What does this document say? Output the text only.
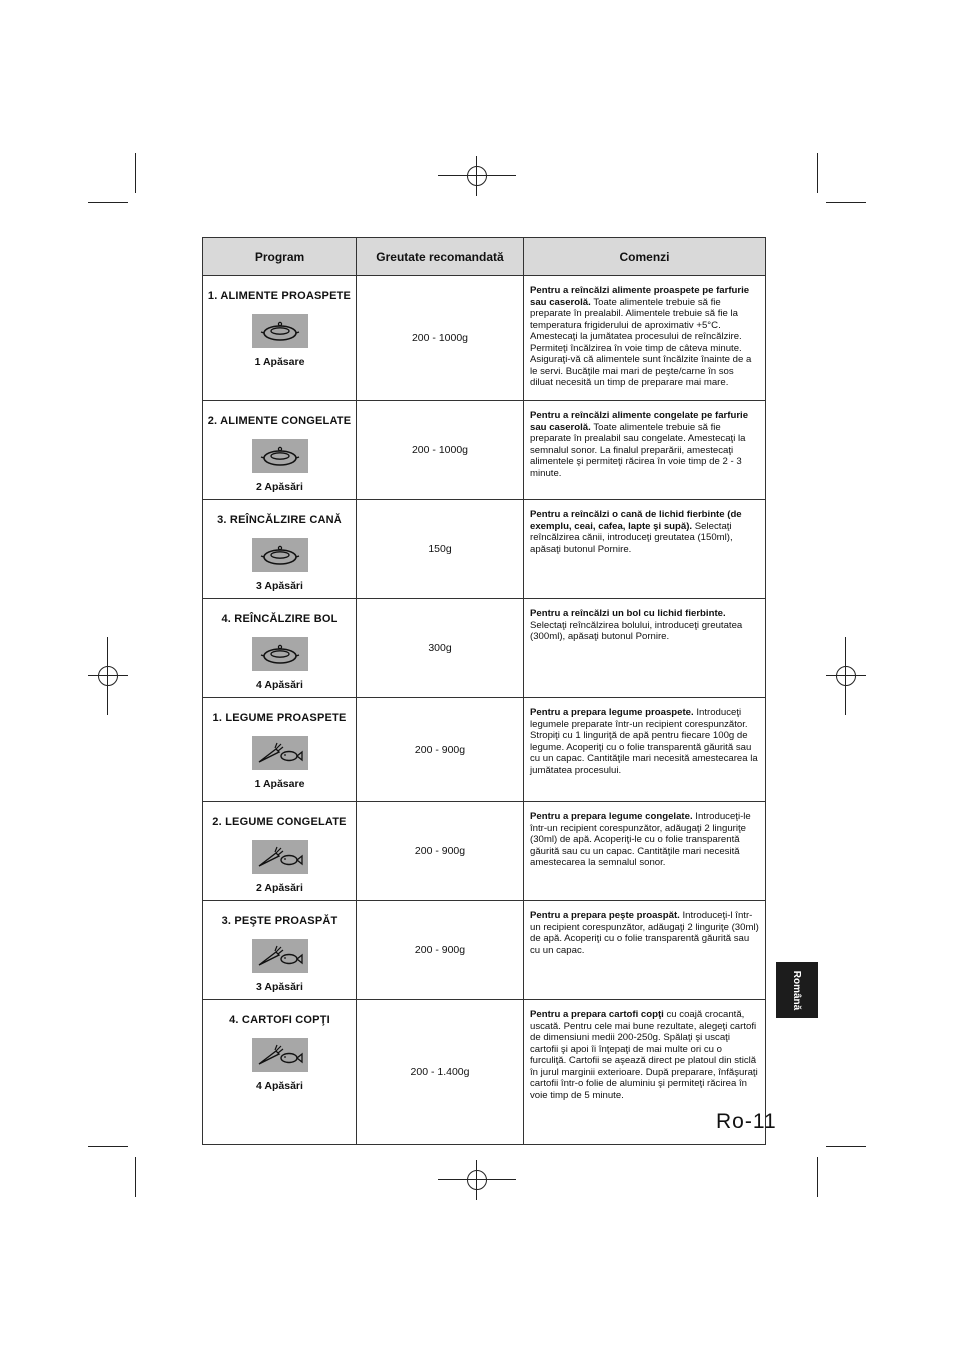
Program	Greutate recomandată	Comenzi

1. ALIMENTE PROASPETE
1 Apăsare	200 - 1000g	Pentru a reîncălzi alimente proaspete pe farfurie sau caserolă. Toate alimentele trebuie să fie preparate în prealabil. Alimentele trebuie să fie la temperatura frigiderului de aproximativ +5°C. Amestecaţi la jumătatea procesului de reîncălzire. Permiteţi încălzirea în voie timp de câteva minute. Asiguraţi-vă că alimentele sunt încălzite înainte de a le servi. Bucăţile mai mari de peşte/carne în sos diluat necesită un timp de preparare mai mare.

2. ALIMENTE CONGELATE
2 Apăsări	200 - 1000g	Pentru a reîncălzi alimente congelate pe farfurie sau caserolă. Toate alimentele trebuie să fie preparate în prealabil sau congelate. Amestecaţi la semnalul sonor. La finalul preparării, amestecaţi alimentele şi permiteţi răcirea în voie timp de 2 - 3 minute.

3. REÎNCĂLZIRE CANĂ
3 Apăsări	150g	Pentru a reîncălzi o cană de lichid fierbinte (de exemplu, ceai, cafea, lapte şi supă). Selectaţi reîncălzirea cănii, introduceţi greutatea (150ml), apăsaţi butonul Pornire.

4. REÎNCĂLZIRE BOL
4 Apăsări	300g	Pentru a reîncălzi un bol cu lichid fierbinte. Selectaţi reîncălzirea bolului, introduceţi greutatea (300ml), apăsaţi butonul Pornire.

1. LEGUME PROASPETE
1 Apăsare	200 - 900g	Pentru a prepara legume proaspete. Introduceţi legumele preparate într-un recipient corespunzător. Stropiţi cu 1 linguriţă de apă pentru fiecare 100g de legume. Acoperiţi cu o folie transparentă găurită sau cu un capac. Cantităţile mari necesită amestecarea la jumătatea procesului.

2. LEGUME CONGELATE
2 Apăsări	200 - 900g	Pentru a prepara legume congelate. Introduceţi-le într-un recipient corespunzător, adăugaţi 2 linguriţe (30ml) de apă. Acoperiţi-le cu o folie transparentă găurită sau cu un capac. Cantităţile mari necesită amestecarea la semnalul sonor.

3. PEŞTE PROASPĂT
3 Apăsări	200 - 900g	Pentru a prepara peşte proaspăt. Introduceţi-l într-un recipient corespunzător, adăugaţi 2 linguriţe (30ml) de apă. Acoperiţi cu o folie transparentă găurită sau cu un capac.

4. CARTOFI COPŢI
4 Apăsări	200 - 1.400g	Pentru a prepara cartofi copţi cu coajă crocantă, uscată. Pentru cele mai bune rezultate, alegeţi cartofi de dimensiuni medii 200-250g. Spălaţi şi uscaţi cartofii şi apoi îi înţepaţi de mai multe ori cu o furculiţă. Cartofii se aşează direct pe platoul din sticlă în jurul marginii exterioare. După preparare, înfăşuraţi cartofii într-o folie de aluminiu şi permiteţi răcirea în voie timp de 5 minute.
Română
Ro-11
